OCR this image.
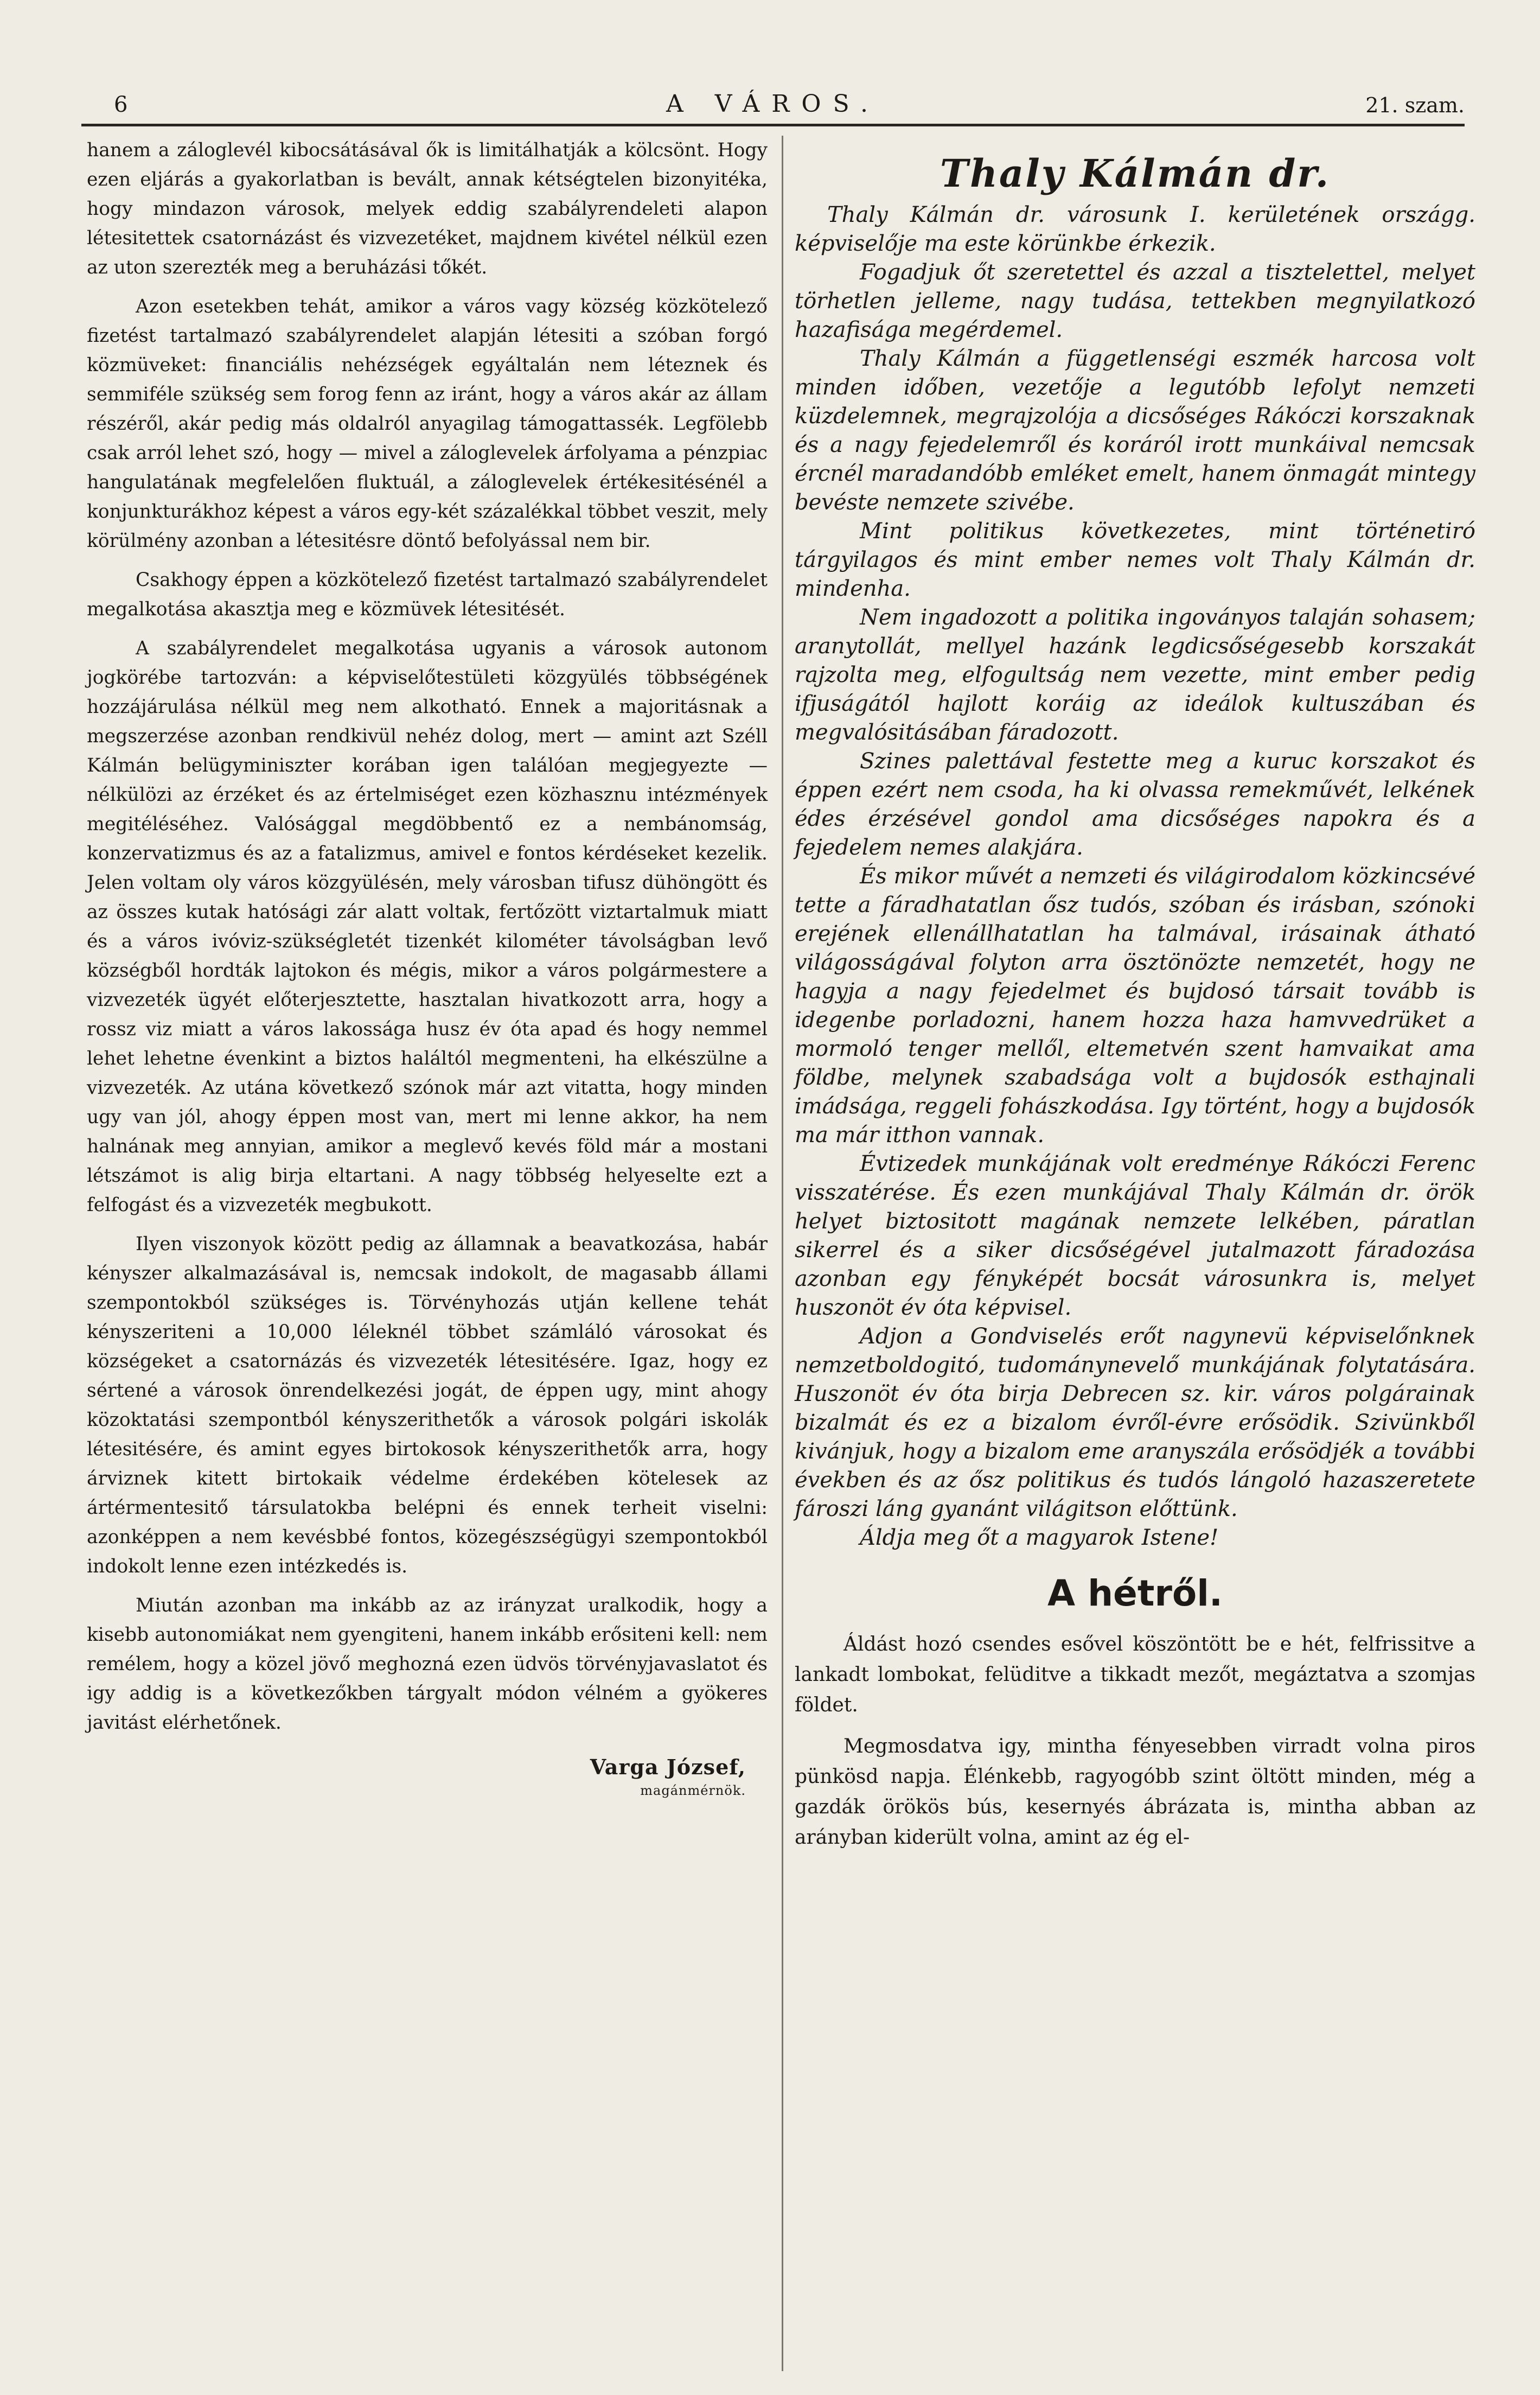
6	A VÁROS.	21. szam.

hanem a záloglevél kibocsátásával ők is limitálhatják a kölcsönt. Hogy ezen eljárás a gyakorlatban is bevált, annak kétségtelen bizonyitéka, hogy mindazon városok, melyek eddig szabályrendeleti alapon létesitettek csatornázást és vizvezetéket, majdnem kivétel nélkül ezen az uton szerezték meg a beruházási tőkét.

Azon esetekben tehát, amikor a város vagy község közkötelező fizetést tartalmazó szabályrendelet alapján létesiti a szóban forgó közmüveket: financiális nehézségek egyáltalán nem léteznek és semmiféle szükség sem forog fenn az iránt, hogy a város akár az állam részéről, akár pedig más oldalról anyagilag támogattassék. Legfölebb csak arról lehet szó, hogy — mivel a záloglevelek árfolyama a pénzpiac hangulatának megfelelően fluktuál, a záloglevelek értékesitésénél a konjunkturákhoz képest a város egy-két százalékkal többet veszit, mely körülmény azonban a létesitésre döntő befolyással nem bir.

Csakhogy éppen a közkötelező fizetést tartalmazó szabályrendelet megalkotása akasztja meg e közmüvek létesitését.

A szabályrendelet megalkotása ugyanis a városok autonom jogkörébe tartozván: a képviselőtestületi közgyülés többségének hozzájárulása nélkül meg nem alkotható. Ennek a majoritásnak a megszerzése azonban rendkivül nehéz dolog, mert — amint azt Széll Kálmán belügyminiszter korában igen találóan megjegyezte — nélkülözi az érzéket és az értelmiséget ezen közhasznu intézmények megitéléséhez. Valósággal megdöbbentő ez a nembánomság, konzervatizmus és az a fatalizmus, amivel e fontos kérdéseket kezelik. Jelen voltam oly város közgyülésén, mely városban tifusz dühöngött és az összes kutak hatósági zár alatt voltak, fertőzött viztartalmuk miatt és a város ivóviz-szükségletét tizenkét kilométer távolságban levő községből hordták lajtokon és mégis, mikor a város polgármestere a vizvezeték ügyét előterjesztette, hasztalan hivatkozott arra, hogy a rossz viz miatt a város lakossága husz év óta apad és hogy nemmel lehet lehetne évenkint a biztos haláltól megmenteni, ha elkészülne a vizvezeték. Az utána következő szónok már azt vitatta, hogy minden ugy van jól, ahogy éppen most van, mert mi lenne akkor, ha nem halnának meg annyian, amikor a meglevő kevés föld már a mostani létszámot is alig birja eltartani. A nagy többség helyeselte ezt a felfogást és a vizvezeték megbukott.

Ilyen viszonyok között pedig az államnak a beavatkozása, habár kényszer alkalmazásával is, nemcsak indokolt, de magasabb állami szempontokból szükséges is. Törvényhozás utján kellene tehát kényszeriteni a 10,000 léleknél többet számláló városokat és községeket a csatornázás és vizvezeték létesitésére. Igaz, hogy ez sértené a városok önrendelkezési jogát, de éppen ugy, mint ahogy közoktatási szempontból kényszerithetők a városok polgári iskolák létesitésére, és amint egyes birtokosok kényszerithetők arra, hogy árviznek kitett birtokaik védelme érdekében kötelesek az ártérmentesitő társulatokba belépni és ennek terheit viselni: azonképpen a nem kevésbbé fontos, közegészségügyi szempontokból indokolt lenne ezen intézkedés is.

Miután azonban ma inkább az az irányzat uralkodik, hogy a kisebb autonomiákat nem gyengiteni, hanem inkább erősiteni kell: nem remélem, hogy a közel jövő meghozná ezen üdvös törvényjavaslatot és igy addig is a következőkben tárgyalt módon vélném a gyökeres javitást elérhetőnek.

Varga József,
magánmérnök.
Thaly Kálmán dr.

Thaly Kálmán dr. városunk I. kerületének országg. képviselője ma este körünkbe érkezik.

Fogadjuk őt szeretettel és azzal a tisztelettel, melyet törhetlen jelleme, nagy tudása, tettekben megnyilatkozó hazafisága megérdemel.

Thaly Kálmán a függetlenségi eszmék harcosa volt minden időben, vezetője a legutóbb lefolyt nemzeti küzdelemnek, megrajzolója a dicsőséges Rákóczi korszaknak és a nagy fejedelemről és koráról irott munkáival nemcsak ércnél maradandóbb emléket emelt, hanem önmagát mintegy bevéste nemzete szivébe.

Mint politikus következetes, mint történetiró tárgyilagos és mint ember nemes volt Thaly Kálmán dr. mindenha.

Nem ingadozott a politika ingoványos talaján sohasem; aranytollát, mellyel hazánk legdicsőségesebb korszakát rajzolta meg, elfogultság nem vezette, mint ember pedig ifjuságától hajlott koráig az ideálok kultuszában és megvalósitásában fáradozott.

Szines palettával festette meg a kuruc korszakot és éppen ezért nem csoda, ha ki olvassa remekművét, lelkének édes érzésével gondol ama dicsőséges napokra és a fejedelem nemes alakjára.

És mikor művét a nemzeti és világirodalom közkincsévé tette a fáradhatatlan ősz tudós, szóban és irásban, szónoki erejének ellenállhatatlan ha talmával, irásainak átható világosságával folyton arra ösztönözte nemzetét, hogy ne hagyja a nagy fejedelmet és bujdosó társait tovább is idegenbe porladozni, hanem hozza haza hamvvedrüket a mormoló tenger mellől, eltemetvén szent hamvaikat ama földbe, melynek szabadsága volt a bujdosók esthajnali imádsága, reggeli fohászkodása. Igy történt, hogy a bujdosók ma már itthon vannak.

Évtizedek munkájának volt eredménye Rákóczi Ferenc visszatérése. És ezen munkájával Thaly Kálmán dr. örök helyet biztositott magának nemzete lelkében, páratlan sikerrel és a siker dicsőségével jutalmazott fáradozása azonban egy fényképét bocsát városunkra is, melyet huszonöt év óta képvisel.

Adjon a Gondviselés erőt nagynevü képviselőnknek nemzetboldogitó, tudománynevelő munkájának folytatására. Huszonöt év óta birja Debrecen sz. kir. város polgárainak bizalmát és ez a bizalom évről-évre erősödik. Szivünkből kivánjuk, hogy a bizalom eme aranyszála erősödjék a további években és az ősz politikus és tudós lángoló hazaszeretete fároszi láng gyanánt világitson előttünk.

Áldja meg őt a magyarok Istene!

A hétről.

Áldást hozó csendes esővel köszöntött be e hét, felfrissitve a lankadt lombokat, felüditve a tikkadt mezőt, megáztatva a szomjas földet.

Megmosdatva igy, mintha fényesebben virradt volna piros pünkösd napja. Élénkebb, ragyogóbb szint öltött minden, még a gazdák örökös bús, kesernyés ábrázata is, mintha abban az arányban kiderült volna, amint az ég el-
